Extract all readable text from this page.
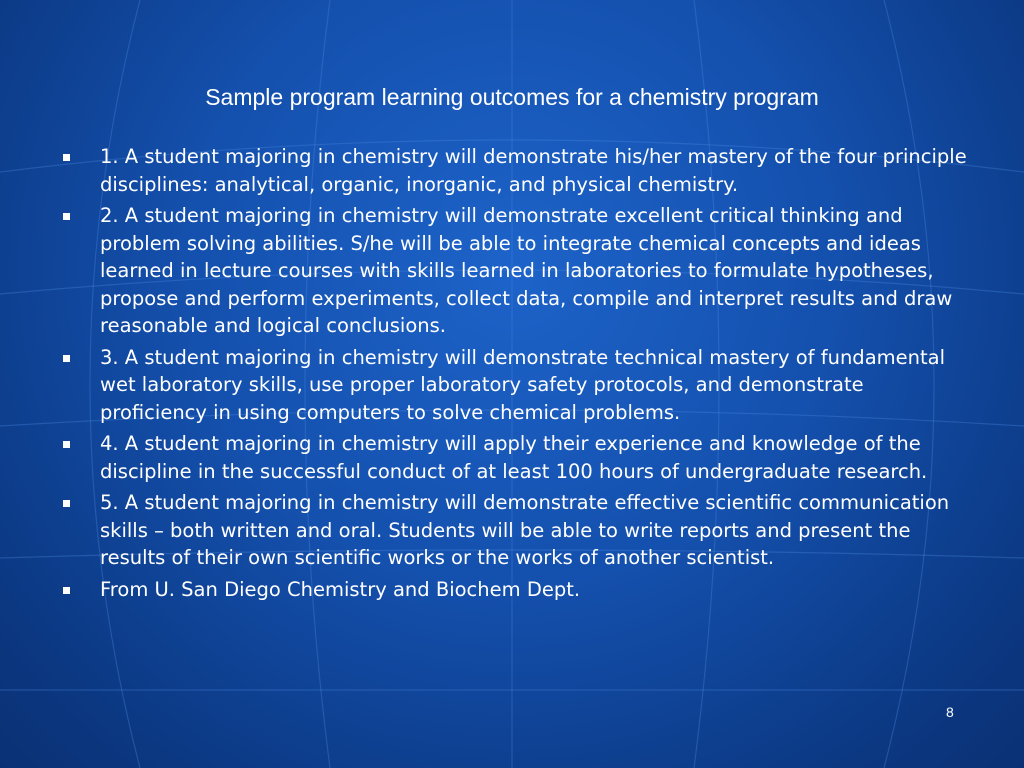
Sample program learning outcomes for a chemistry program
1. A student majoring in chemistry will demonstrate his/her mastery of the four principle disciplines: analytical, organic, inorganic, and physical chemistry.
2. A student majoring in chemistry will demonstrate excellent critical thinking and problem solving abilities. S/he will be able to integrate chemical concepts and ideas learned in lecture courses with skills learned in laboratories to formulate hypotheses, propose and perform experiments, collect data, compile and interpret results and draw reasonable and logical conclusions.
3. A student majoring in chemistry will demonstrate technical mastery of fundamental wet laboratory skills, use proper laboratory safety protocols, and demonstrate proficiency in using computers to solve chemical problems.
4. A student majoring in chemistry will apply their experience and knowledge of the discipline in the successful conduct of at least 100 hours of undergraduate research.
5. A student majoring in chemistry will demonstrate effective scientific communication skills – both written and oral. Students will be able to write reports and present the results of their own scientific works or the works of another scientist.
From U. San Diego Chemistry and Biochem Dept.
8
